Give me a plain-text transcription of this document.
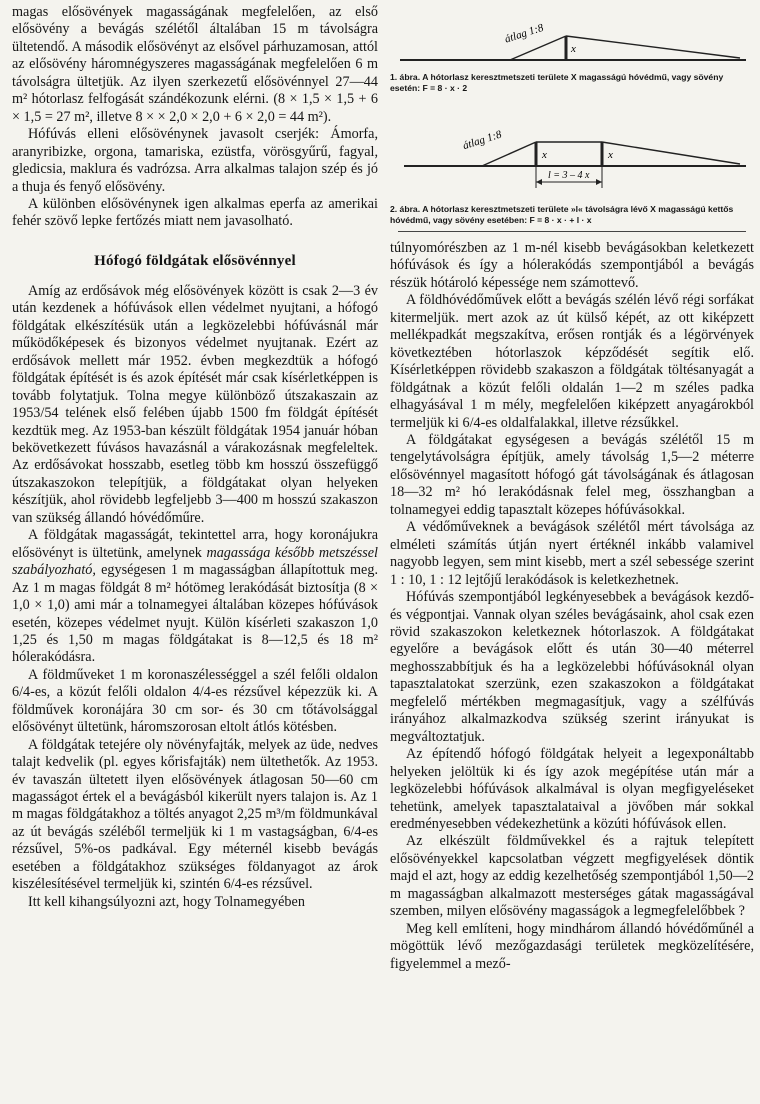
magas elősövények magasságának megfelelően, az első elősövény a bevágás szélétől általában 15 m távolságra ültetendő. A második elősövényt az elsővel párhuzamosan, attól az elősövény háromnégyszeres magasságának megfelelően 6 m távolságra ültetjük. Az ilyen szerkezetű elősövénnyel 27—44 m² hótorlasz felfogását szándékozunk elérni. (8 × 1,5 × 1,5 + 6 × 1,5 = 27 m², illetve 8 × × 2,0 × 2,0 + 6 × 2,0 = 44 m²).

Hófúvás elleni elősövénynek javasolt cserjék: Ámorfa, aranyribizke, orgona, tamariska, ezüstfa, vörösgyűrű, fagyal, gledicsia, maklura és vadrózsa. Arra alkalmas talajon szép és jó a thuja és fenyő elősövény.

A különben elősövénynek igen alkalmas eperfa az amerikai fehér szövő lepke fertőzés miatt nem javasolható.

Hófogó földgátak elősövénnyel

Amíg az erdősávok még elősövények között is csak 2—3 év után kezdenek a hófúvások ellen védelmet nyujtani, a hófogó földgátak elkészítésük után a legközelebbi hófúvásnál már működőképesek és bizonyos védelmet nyujtanak. Ezért az erdősávok mellett már 1952. évben megkezdtük a hófogó földgátak építését is és azok építését már csak kísérletképpen is tovább folytatjuk. Tolna megye különböző útszakaszain az 1953/54 telének első felében újabb 1500 fm földgát építését kezdtük meg. Az 1953-ban készült földgátak 1954 január hóban bekövetkezett fúvásos havazásnál a várakozásnak megfeleltek. Az erdősávokat hosszabb, esetleg több km hosszú összefüggő útszakaszokon telepítjük, a földgátakat olyan helyeken készítjük, ahol rövidebb legfeljebb 3—400 m hosszú szakaszon van szükség állandó hóvédőműre.

A földgátak magasságát, tekintettel arra, hogy koronájukra elősövényt is ültetünk, amelynek magassága később metszéssel szabályozható, egységesen 1 m magasságban állapítottuk meg. Az 1 m magas földgát 8 m² hótömeg lerakódását biztosítja (8 × 1,0 × 1,0) ami már a tolnamegyei általában közepes hófúvások esetén, közepes védelmet nyujt. Külön kísérleti szakaszon 1,0 1,25 és 1,50 m magas földgátakat is 8—12,5 és 18 m² hólerakódásra.

A földműveket 1 m koronaszélességgel a szél felőli oldalon 6/4-es, a közút felőli oldalon 4/4-es rézsűvel képezzük ki. A földművek koronájára 30 cm sor- és 30 cm tőtávolsággal elősövényt ültetünk, háromszorosan eltolt átlós kötésben.

A földgátak tetejére oly növényfajták, melyek az üde, nedves talajt kedvelik (pl. egyes kőrisfajták) nem ültethetők. Az 1953. év tavaszán ültetett ilyen elősövények átlagosan 50—60 cm magasságot értek el a bevágásból kikerült nyers talajon is. Az 1 m magas földgátakhoz a töltés anyagot 2,25 m³/m földmunkával az út bevágás széléből termeljük ki 1 m vastagságban, 6/4-es rézsűvel, 5%-os padkával. Egy méternél kisebb bevágás esetében a földgátakhoz szükséges földanyagot az árok kiszélesítésével termeljük ki, szintén 6/4-es rézsűvel.

Itt kell kihangsúlyozni azt, hogy Tolnamegyében

átlag 1:8
x

1. ábra. A hótorlasz keresztmetszeti területe X magasságú hóvédmű, vagy sövény esetén: F = 8 · x · 2

átlag 1:8
x	x
l = 3 – 4 x

2. ábra. A hótorlasz keresztmetszeti területe »l« távolságra lévő X magasságú kettős hóvédmű, vagy sövény esetében: F = 8 · x · + l · x

túlnyomórészben az 1 m-nél kisebb bevágásokban keletkezett hófúvások és így a hólerakódás szempontjából a bevágás részük hótároló képessége nem számottevő.

A földhóvédőművek előtt a bevágás szélén lévő régi sorfákat kitermeljük. mert azok az út külső képét, az ott kiképzett mellékpadkát megszakítva, erősen rontják és a légörvények következtében hótorlaszok képződését segítik elő. Kísérletképpen rövidebb szakaszon a földgátak töltésanyagát a földgátnak a közút felőli oldalán 1—2 m széles padka elhagyásával 1 m mély, megfelelően kiképzett anyagárokból termeljük ki 6/4-es oldalfalakkal, illetve rézsűkkel.

A földgátakat egységesen a bevágás szélétől 15 m tengelytávolságra építjük, amely távolság 1,5—2 méterre elősövénnyel magasított hófogó gát távolságának és átlagosan 18—32 m² hó lerakódásnak felel meg, összhangban a tolnamegyei eddig tapasztalt közepes hófúvásokkal.

A védőműveknek a bevágások szélétől mért távolsága az elméleti számítás útján nyert értéknél inkább valamivel nagyobb legyen, sem mint kisebb, mert a szél sebessége szerint 1 : 10, 1 : 12 lejtőjű lerakódások is keletkezhetnek.

Hófúvás szempontjából legkényesebbek a bevágások kezdő- és végpontjai. Vannak olyan széles bevágásaink, ahol csak ezen rövid szakaszokon keletkeznek hótorlaszok. A földgátakat egyelőre a bevágások előtt és után 30—40 méterrel meghosszabbítjuk és ha a legközelebbi hófúvásoknál olyan tapasztalatokat szerzünk, ezen szakaszokon a földgátakat megfelelő mértékben megmagasítjuk, vagy a szélfúvás irányához alkalmazkodva szükség szerint irányukat is megváltoztatjuk.

Az építendő hófogó földgátak helyeit a legexponáltabb helyeken jelöltük ki és így azok megépítése után már a legközelebbi hófúvások alkalmával is olyan megfigyeléseket tehetünk, amelyek tapasztalataival a jövőben már sokkal eredményesebben védekezhetünk a közúti hófúvások ellen.

Az elkészült földművekkel és a rajtuk telepített elősövényekkel kapcsolatban végzett megfigyelések döntik majd el azt, hogy az eddig kezelhetőség szempontjából 1,50—2 m magasságban alkalmazott mesterséges gátak magasságával szemben, milyen elősövény magasságok a legmegfelelőbbek ?

Meg kell említeni, hogy mindhárom állandó hóvédőműnél a mögöttük lévő mezőgazdasági területek megközelítésére, figyelemmel a mező-
